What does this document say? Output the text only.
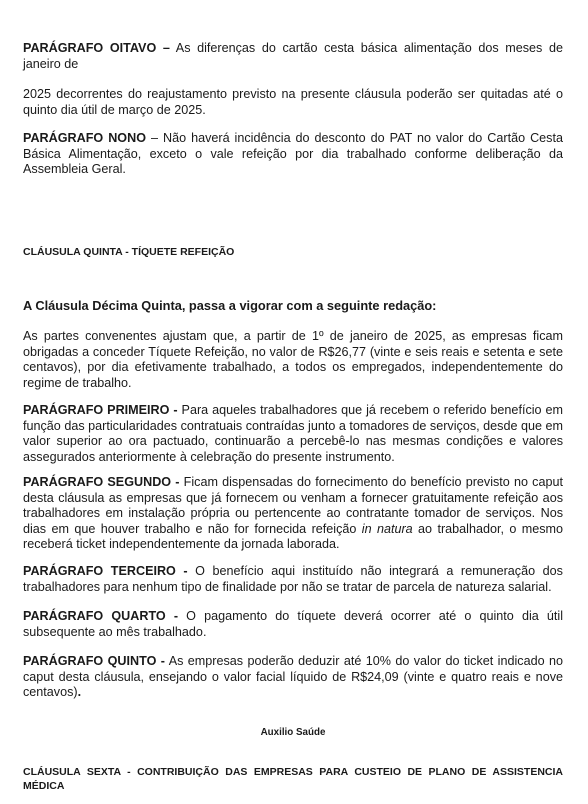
PARÁGRAFO OITAVO – As diferenças do cartão cesta básica alimentação dos meses de janeiro de

2025 decorrentes do reajustamento previsto na presente cláusula poderão ser quitadas até o quinto dia útil de março de 2025.

PARÁGRAFO NONO – Não haverá incidência do desconto do PAT no valor do Cartão Cesta Básica Alimentação, exceto o vale refeição por dia trabalhado conforme deliberação da Assembleia Geral.

CLÁUSULA QUINTA - TÍQUETE REFEIÇÃO

A Cláusula Décima Quinta, passa a vigorar com a seguinte redação:

As partes convenentes ajustam que, a partir de 1º de janeiro de 2025, as empresas ficam obrigadas a conceder Tíquete Refeição, no valor de R$26,77 (vinte e seis reais e setenta e sete centavos), por dia efetivamente trabalhado, a todos os empregados, independentemente do regime de trabalho.

PARÁGRAFO PRIMEIRO - Para aqueles trabalhadores que já recebem o referido benefício em função das particularidades contratuais contraídas junto a tomadores de serviços, desde que em valor superior ao ora pactuado, continuarão a percebê-lo nas mesmas condições e valores assegurados anteriormente à celebração do presente instrumento.

PARÁGRAFO SEGUNDO - Ficam dispensadas do fornecimento do benefício previsto no caput desta cláusula as empresas que já fornecem ou venham a fornecer gratuitamente refeição aos trabalhadores em instalação própria ou pertencente ao contratante tomador de serviços. Nos dias em que houver trabalho e não for fornecida refeição in natura ao trabalhador, o mesmo receberá ticket independentemente da jornada laborada.

PARÁGRAFO TERCEIRO - O benefício aqui instituído não integrará a remuneração dos trabalhadores para nenhum tipo de finalidade por não se tratar de parcela de natureza salarial.

PARÁGRAFO QUARTO - O pagamento do tíquete deverá ocorrer até o quinto dia útil subsequente ao mês trabalhado.

PARÁGRAFO QUINTO - As empresas poderão deduzir até 10% do valor do ticket indicado no caput desta cláusula, ensejando o valor facial líquido de R$24,09 (vinte e quatro reais e nove centavos).

Auxilio Saúde

CLÁUSULA SEXTA - CONTRIBUIÇÃO DAS EMPRESAS PARA CUSTEIO DE PLANO DE ASSISTENCIA MÉDICA
